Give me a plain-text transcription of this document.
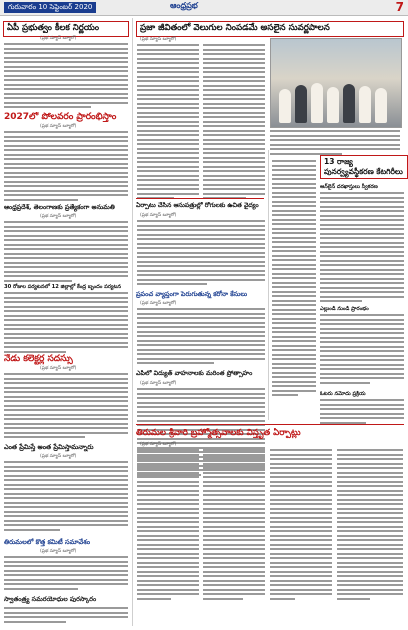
గురువారం 10 సెప్టెంబర్ 2020	ఆంధ్రప్రభ	7
ఏపీ ప్రభుత్వం కీలక నిర్ణయం
(ప్రభ న్యూస్ బ్యూరో)
2027లో పోలవరం ప్రారంభిస్తాం
(ప్రభ న్యూస్ బ్యూరో)
ఆంధ్రప్రదేశ్, తెలంగాణకు ప్రత్యేకంగా అనుమతి
(ప్రభ న్యూస్ బ్యూరో)
30 రోజుల పర్యటనలో 12 జిల్లాల్లో కేంద్ర బృందం పర్యటన
నేడు కలెక్టర్ల సదస్సు
(ప్రభ న్యూస్ బ్యూరో)
ఎంత ప్రేమిస్తే అంత ప్రేమిస్తామన్నారు
(ప్రభ న్యూస్ బ్యూరో)
తిరుమలలో కొత్త కమిటీ సమావేశం
(ప్రభ న్యూస్ బ్యూరో)
స్వాతంత్ర్య సమరయోధుల పురస్కారం
ప్రజా జీవితంలో వెలుగుల నింపడమే అసలైన సువర్ణపాలన
(ప్రభ న్యూస్ బ్యూరో)
ఏర్పాటు చేసిన ఆసుపత్రుల్లో రోగులకు ఉచిత వైద్యం
(ప్రభ న్యూస్ బ్యూరో)
ప్రపంచ వ్యాప్తంగా పెరుగుతున్న కరోనా కేసులు
(ప్రభ న్యూస్ బ్యూరో)
ఎపిలో విద్యుత్ వాహనాలకు మరింత ప్రోత్సాహం
(ప్రభ న్యూస్ బ్యూరో)
13 రాజ్య పునర్వ్యవస్థీకరణ కేటగిరీలు
ఆన్‌లైన్ దరఖాస్తులు స్వీకరణ
ఎల్లుండి నుండి ప్రారంభం
ఓటరు నమోదు ప్రక్రియ
తిరుమల శ్రీవారి బ్రహ్మోత్సవాలకు విస్తృత ఏర్పాట్లు
(ప్రభ న్యూస్ బ్యూరో)
